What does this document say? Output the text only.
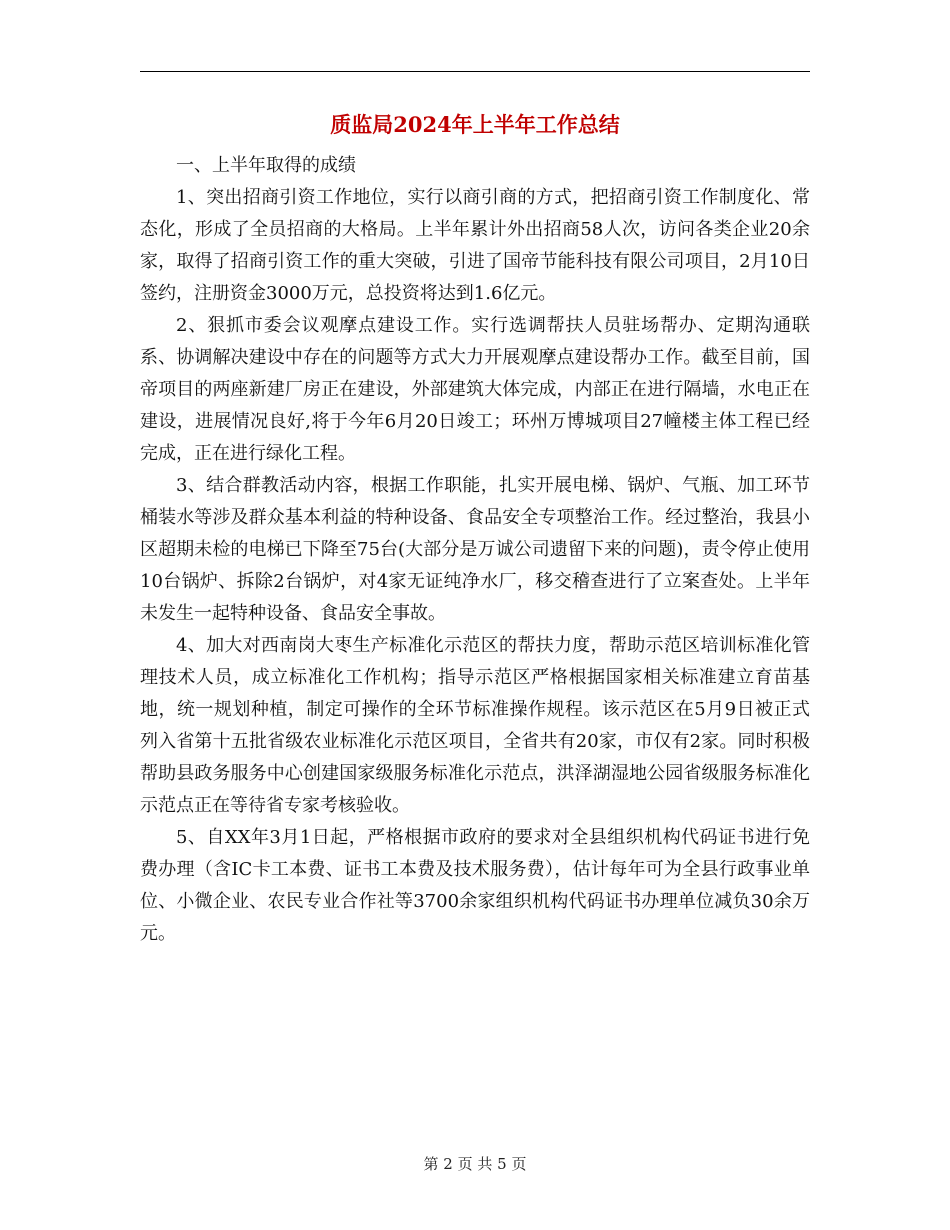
质监局2024年上半年工作总结

一、上半年取得的成绩

1、突出招商引资工作地位，实行以商引商的方式，把招商引资工作制度化、常态化，形成了全员招商的大格局。上半年累计外出招商58人次，访问各类企业20余家，取得了招商引资工作的重大突破，引进了国帝节能科技有限公司项目，2月10日签约，注册资金3000万元，总投资将达到1.6亿元。

2、狠抓市委会议观摩点建设工作。实行选调帮扶人员驻场帮办、定期沟通联系、协调解决建设中存在的问题等方式大力开展观摩点建设帮办工作。截至目前，国帝项目的两座新建厂房正在建设，外部建筑大体完成，内部正在进行隔墙，水电正在建设，进展情况良好,将于今年6月20日竣工；环州万博城项目27幢楼主体工程已经完成，正在进行绿化工程。

3、结合群教活动内容，根据工作职能，扎实开展电梯、锅炉、气瓶、加工环节桶装水等涉及群众基本利益的特种设备、食品安全专项整治工作。经过整治，我县小区超期未检的电梯已下降至75台(大部分是万诚公司遗留下来的问题)，责令停止使用10台锅炉、拆除2台锅炉，对4家无证纯净水厂，移交稽查进行了立案查处。上半年未发生一起特种设备、食品安全事故。

4、加大对西南岗大枣生产标准化示范区的帮扶力度，帮助示范区培训标准化管理技术人员，成立标准化工作机构；指导示范区严格根据国家相关标准建立育苗基地，统一规划种植，制定可操作的全环节标准操作规程。该示范区在5月9日被正式列入省第十五批省级农业标准化示范区项目，全省共有20家，市仅有2家。同时积极帮助县政务服务中心创建国家级服务标准化示范点，洪泽湖湿地公园省级服务标准化示范点正在等待省专家考核验收。

5、自XX年3月1日起，严格根据市政府的要求对全县组织机构代码证书进行免费办理（含IC卡工本费、证书工本费及技术服务费），估计每年可为全县行政事业单位、小微企业、农民专业合作社等3700余家组织机构代码证书办理单位减负30余万元。

第 2 页 共 5 页
